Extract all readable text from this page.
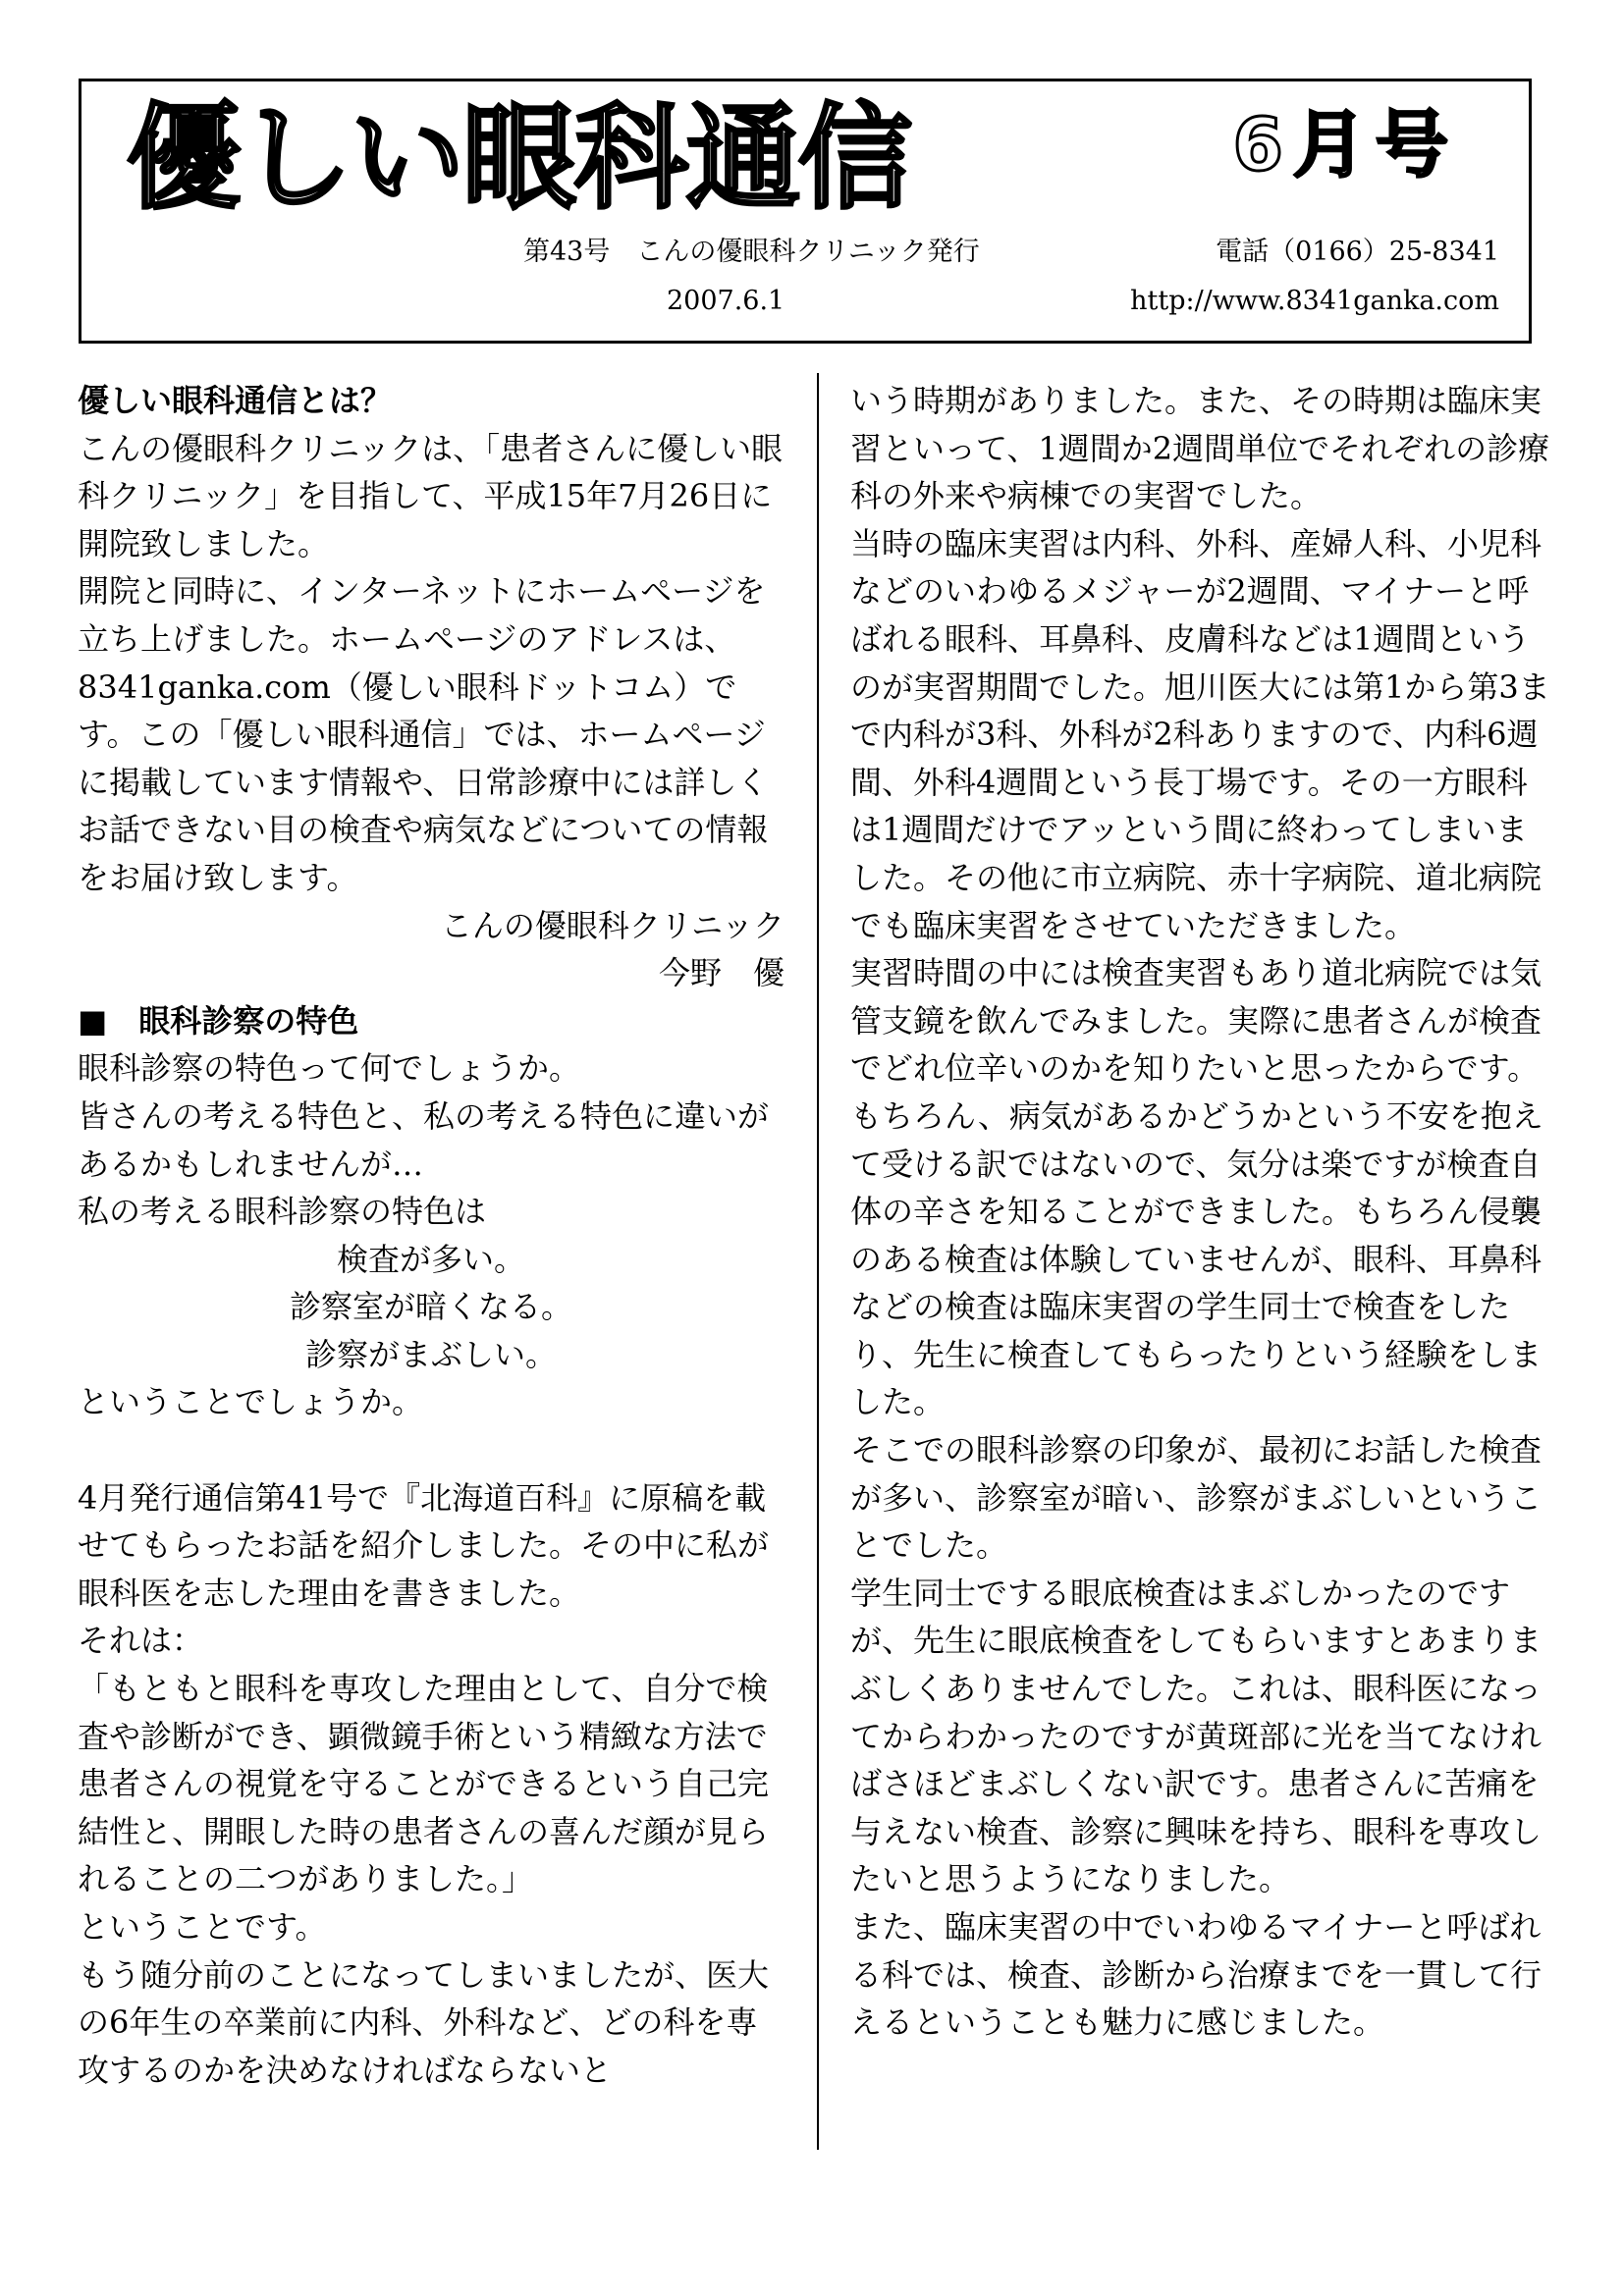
優しい眼科通信	6月号
第43号　こんの優眼科クリニック発行	電話（0166）25-8341
2007.6.1	http://www.8341ganka.com

優しい眼科通信とは？

こんの優眼科クリニックは、「患者さんに優しい眼科クリニック」を目指して、平成15年7月26日に開院致しました。

開院と同時に、インターネットにホームページを立ち上げました。ホームページのアドレスは、8341ganka.com（優しい眼科ドットコム）です。この「優しい眼科通信」では、ホームページに掲載しています情報や、日常診療中には詳しくお話できない目の検査や病気などについての情報をお届け致します。

こんの優眼科クリニック

今野　優

■　 眼科診察の特色

眼科診察の特色って何でしょうか。

皆さんの考える特色と、私の考える特色に違いがあるかもしれませんが…

私の考える眼科診察の特色は

検査が多い。

診察室が暗くなる。

診察がまぶしい。

ということでしょうか。

4月発行通信第41号で『北海道百科』に原稿を載せてもらったお話を紹介しました。その中に私が眼科医を志した理由を書きました。

それは：

「もともと眼科を専攻した理由として、自分で検査や診断ができ、顕微鏡手術という精緻な方法で患者さんの視覚を守ることができるという自己完結性と、開眼した時の患者さんの喜んだ顔が見られることの二つがありました。」

ということです。

もう随分前のことになってしまいましたが、医大の6年生の卒業前に内科、外科など、どの科を専攻するのかを決めなければならないと

いう時期がありました。また、その時期は臨床実習といって、1週間か2週間単位でそれぞれの診療科の外来や病棟での実習でした。

当時の臨床実習は内科、外科、産婦人科、小児科などのいわゆるメジャーが2週間、マイナーと呼ばれる眼科、耳鼻科、皮膚科などは1週間というのが実習期間でした。旭川医大には第1から第3まで内科が3科、外科が2科ありますので、内科6週間、外科4週間という長丁場です。その一方眼科は1週間だけでアッという間に終わってしまいました。その他に市立病院、赤十字病院、道北病院でも臨床実習をさせていただきました。

実習時間の中には検査実習もあり道北病院では気管支鏡を飲んでみました。実際に患者さんが検査でどれ位辛いのかを知りたいと思ったからです。もちろん、病気があるかどうかという不安を抱えて受ける訳ではないので、気分は楽ですが検査自体の辛さを知ることができました。もちろん侵襲のある検査は体験していませんが、眼科、耳鼻科などの検査は臨床実習の学生同士で検査をしたり、先生に検査してもらったりという経験をしました。

そこでの眼科診察の印象が、最初にお話した検査が多い、診察室が暗い、診察がまぶしいということでした。

学生同士でする眼底検査はまぶしかったのですが、先生に眼底検査をしてもらいますとあまりまぶしくありませんでした。これは、眼科医になってからわかったのですが黄斑部に光を当てなければさほどまぶしくない訳です。患者さんに苦痛を与えない検査、診察に興味を持ち、眼科を専攻したいと思うようになりました。

また、臨床実習の中でいわゆるマイナーと呼ばれる科では、検査、診断から治療までを一貫して行えるということも魅力に感じました。
